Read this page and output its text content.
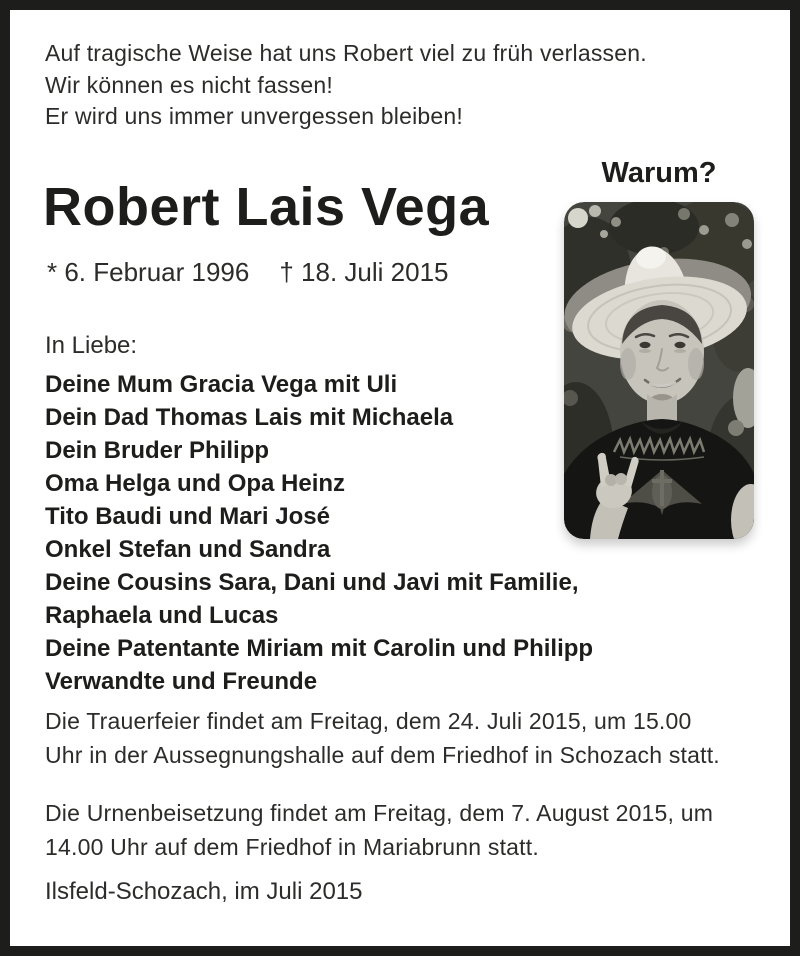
Auf tragische Weise hat uns Robert viel zu früh verlassen.
Wir können es nicht fassen!
Er wird uns immer unvergessen bleiben!
Warum?
Robert Lais Vega
* 6. Februar 1996 † 18. Juli 2015
In Liebe:
Deine Mum Gracia Vega mit Uli
Dein Dad Thomas Lais mit Michaela
Dein Bruder Philipp
Oma Helga und Opa Heinz
Tito Baudi und Mari José
Onkel Stefan und Sandra
Deine Cousins Sara, Dani und Javi mit Familie,
Raphaela und Lucas
Deine Patentante Miriam mit Carolin und Philipp
Verwandte und Freunde

Die Trauerfeier findet am Freitag, dem 24. Juli 2015, um 15.00
Uhr in der Aussegnungshalle auf dem Friedhof in Schozach statt.

Die Urnenbeisetzung findet am Freitag, dem 7. August 2015, um
14.00 Uhr auf dem Friedhof in Mariabrunn statt.

Ilsfeld-Schozach, im Juli 2015
